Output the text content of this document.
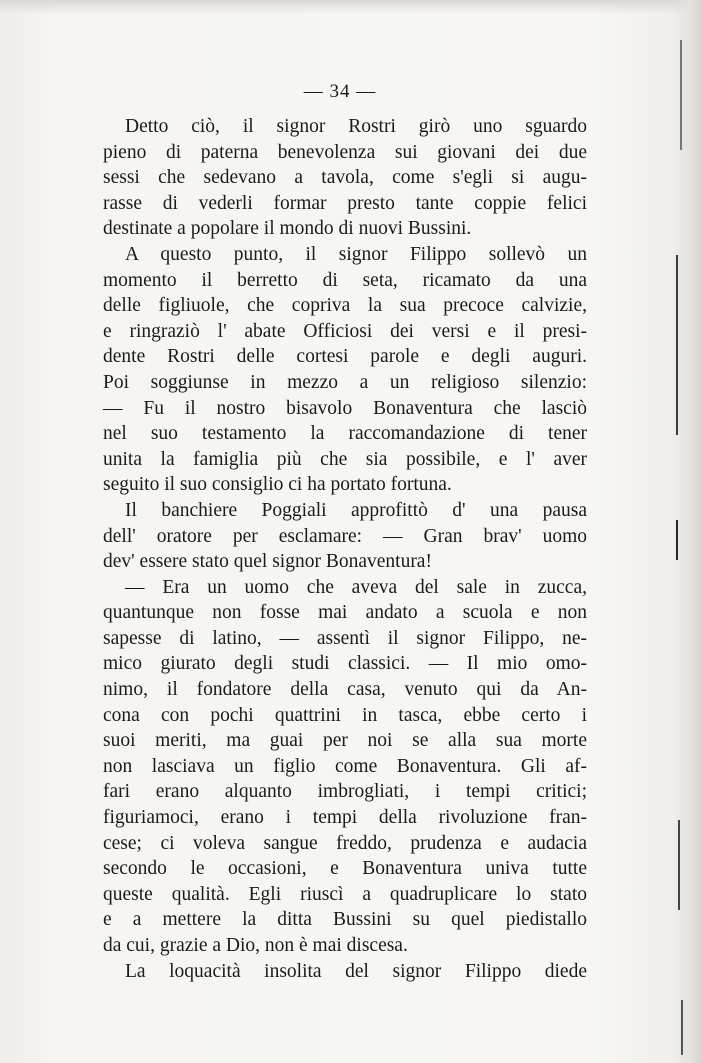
— 34 —
Detto ciò, il signor Rostri girò uno sguardo
pieno di paterna benevolenza sui giovani dei due
sessi che sedevano a tavola, come s'egli si augu-
rasse di vederli formar presto tante coppie felici
destinate a popolare il mondo di nuovi Bussini.
A questo punto, il signor Filippo sollevò un
momento il berretto di seta, ricamato da una
delle figliuole, che copriva la sua precoce calvizie,
e ringraziò l' abate Officiosi dei versi e il presi-
dente Rostri delle cortesi parole e degli auguri.
Poi soggiunse in mezzo a un religioso silenzio:
— Fu il nostro bisavolo Bonaventura che lasciò
nel suo testamento la raccomandazione di tener
unita la famiglia più che sia possibile, e l' aver
seguito il suo consiglio ci ha portato fortuna.
Il banchiere Poggiali approfittò d' una pausa
dell' oratore per esclamare: — Gran brav' uomo
dev' essere stato quel signor Bonaventura!
— Era un uomo che aveva del sale in zucca,
quantunque non fosse mai andato a scuola e non
sapesse di latino, — assentì il signor Filippo, ne-
mico giurato degli studi classici. — Il mio omo-
nimo, il fondatore della casa, venuto qui da An-
cona con pochi quattrini in tasca, ebbe certo i
suoi meriti, ma guai per noi se alla sua morte
non lasciava un figlio come Bonaventura. Gli af-
fari erano alquanto imbrogliati, i tempi critici;
figuriamoci, erano i tempi della rivoluzione fran-
cese; ci voleva sangue freddo, prudenza e audacia
secondo le occasioni, e Bonaventura univa tutte
queste qualità. Egli riuscì a quadruplicare lo stato
e a mettere la ditta Bussini su quel piedistallo
da cui, grazie a Dio, non è mai discesa.
La loquacità insolita del signor Filippo diede
